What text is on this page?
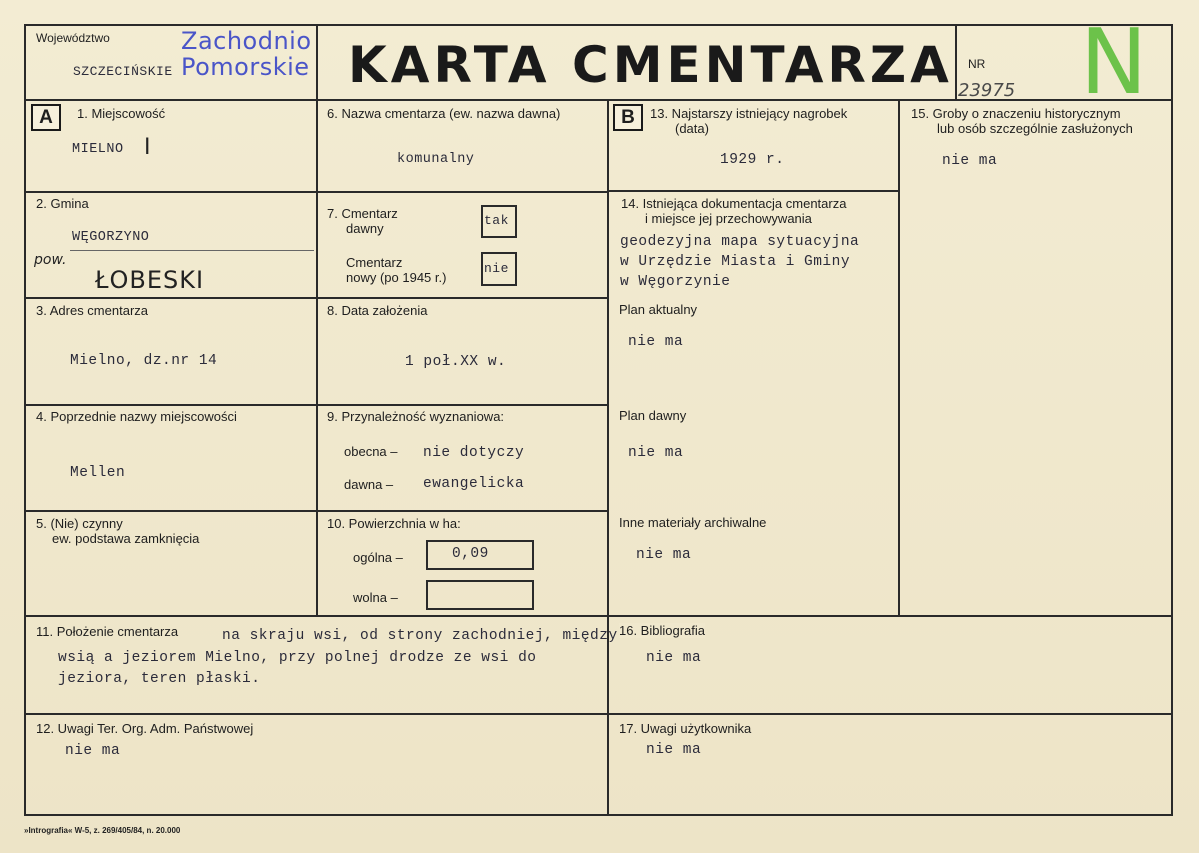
Województwo
SZCZECIŃSKIE
Zachodnio
Pomorskie KARTA CMENTARZA NR
23975 N
A	B
1. Miejscowość
MIELNO I
2. Gmina
WĘGORZYNO
pow.
ŁOBESKI
3. Adres cmentarza
Mielno, dz.nr 14
4. Poprzednie nazwy miejscowości
Mellen
5. (Nie) czynny
ew. podstawa zamknięcia
6. Nazwa cmentarza (ew. nazwa dawna)
komunalny
7. Cmentarz
dawny
tak
Cmentarz
nowy (po 1945 r.)
nie
8. Data założenia
1 poł.XX w.
9. Przynależność wyznaniowa:
obecna – nie dotyczy
dawna – ewangelicka
10. Powierzchnia w ha:
ogólna –	0,09
wolna –
13. Najstarszy istniejący nagrobek
(data)
1929 r.
14. Istniejąca dokumentacja cmentarza
i miejsce jej przechowywania
geodezyjna mapa sytuacyjna
w Urzędzie Miasta i Gminy
w Węgorzynie
Plan aktualny
nie ma
Plan dawny
nie ma
Inne materiały archiwalne
nie ma
15. Groby o znaczeniu historycznym
lub osób szczególnie zasłużonych
nie ma
11. Położenie cmentarza	na skraju wsi, od strony zachodniej, między
wsią a jeziorem Mielno, przy polnej drodze ze wsi do
jeziora, teren płaski.
16. Bibliografia
nie ma
12. Uwagi Ter. Org. Adm. Państwowej
nie ma
17. Uwagi użytkownika
nie ma
»Intrografia« W-5, z. 269/405/84, n. 20.000
